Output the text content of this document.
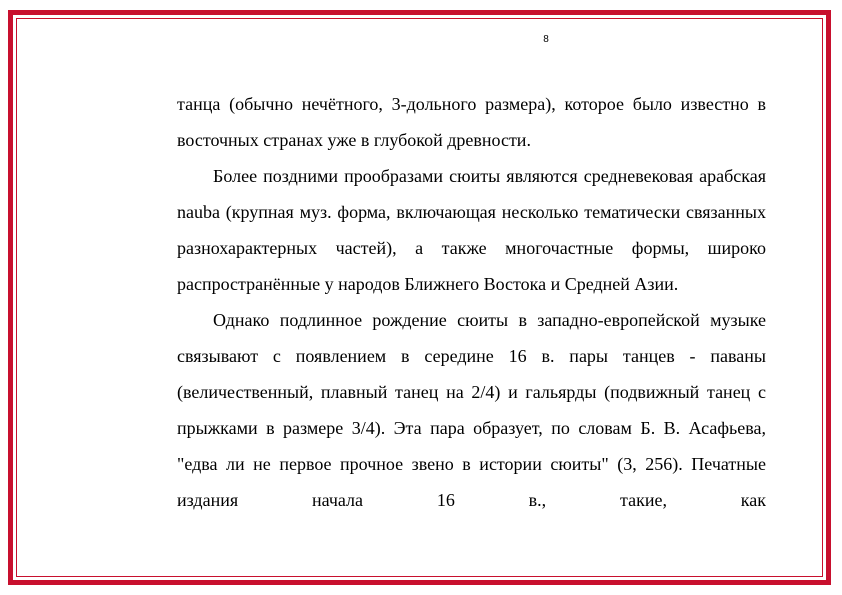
8

танца (обычно нечётного, 3-дольного размера), которое было известно в восточных странах уже в глубокой древности.

Более поздними прообразами сюиты являются средневековая арабская nauba (крупная муз. форма, включающая несколько тематически связанных разнохарактерных частей), а также многочастные формы, широко распространённые у народов Ближнего Востока и Средней Азии.

Однако подлинное рождение сюиты в западно-европейской музыке связывают с появлением в середине 16 в. пары танцев - паваны (величественный, плавный танец на 2/4) и гальярды (подвижный танец с прыжками в размере 3/4). Эта пара образует, по словам Б. В. Асафьева, "едва ли не первое прочное звено в истории сюиты" (3, 256). Печатные издания начала 16 в., такие, как
